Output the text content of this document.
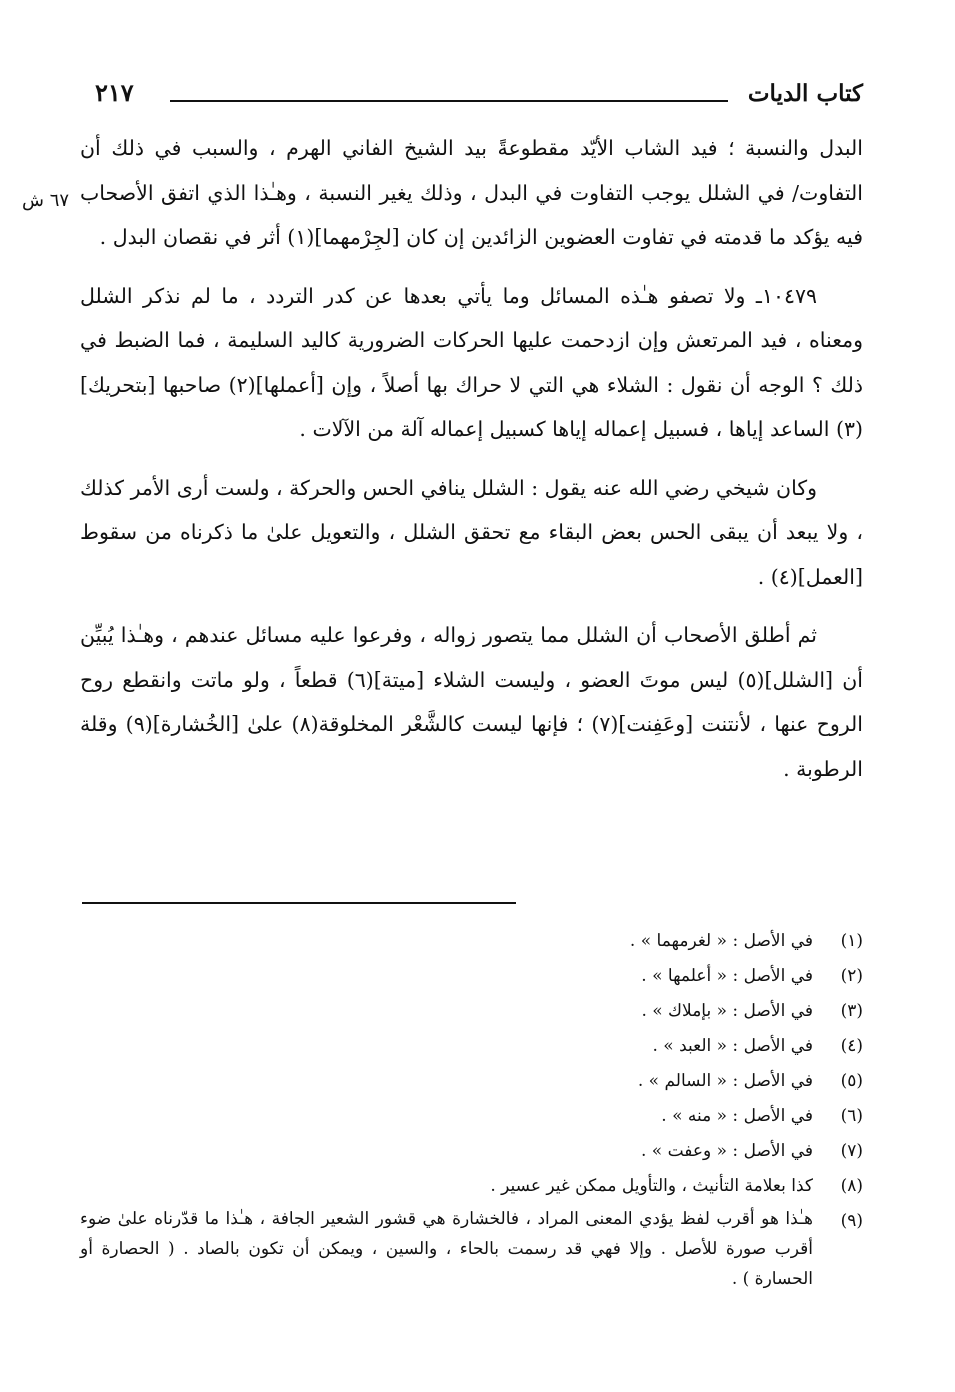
كتاب الديات
٢١٧
٦٧ ش

البدل والنسبة ؛ فيد الشاب الأيّد مقطوعةً بيد الشيخ الفاني الهرم ، والسبب في ذلك أن التفاوت/ في الشلل يوجب التفاوت في البدل ، وذلك يغير النسبة ، وهـٰذا الذي اتفق الأصحاب فيه يؤكد ما قدمته في تفاوت العضوين الزائدين إن كان [لجِرْمهما](١) أثر في نقصان البدل .

١٠٤٧٩ـ ولا تصفو هـٰذه المسائل وما يأتي بعدها عن كدر التردد ، ما لم نذكر الشلل ومعناه ، فيد المرتعش وإن ازدحمت عليها الحركات الضرورية كاليد السليمة ، فما الضبط في ذلك ؟ الوجه أن نقول : الشلاء هي التي لا حراك بها أصلاً ، وإن [أعملها](٢) صاحبها [بتحريك](٣) الساعد إياها ، فسبيل إعماله إياها كسبيل إعماله آلة من الآلات .

وكان شيخي رضي الله عنه يقول : الشلل ينافي الحس والحركة ، ولست أرى الأمر كذلك ، ولا يبعد أن يبقى الحس بعض البقاء مع تحقق الشلل ، والتعويل علىٰ ما ذكرناه من سقوط [العمل](٤) .

ثم أطلق الأصحاب أن الشلل مما يتصور زواله ، وفرعوا عليه مسائل عندهم ، وهـٰذا يُبيِّن أن [الشلل](٥) ليس موتَ العضو ، وليست الشلاء [ميتة](٦) قطعاً ، ولو ماتت وانقطع روح الروح عنها ، لأنتنت [وعَفِنت](٧) ؛ فإنها ليست كالشَّعْر المخلوقة(٨) علىٰ [الخُشارة](٩) وقلة الرطوبة .

(١)
في الأصل : « لغرمهما » .
(٢)
في الأصل : « أعلمها » .
(٣)
في الأصل : « بإملاك » .
(٤)
في الأصل : « العبد » .
(٥)
في الأصل : « السالم » .
(٦)
في الأصل : « منه » .
(٧)
في الأصل : « وعفت » .
(٨)
كذا بعلامة التأنيث ، والتأويل ممكن غير عسير .
(٩)
هـٰذا هو أقرب لفظ يؤدي المعنى المراد ، فالخشارة هي قشور الشعير الجافة ، هـٰذا ما قدّرناه علىٰ ضوء أقرب صورة للأصل . وإلا فهي قد رسمت بالحاء ، والسين ، ويمكن أن تكون بالصاد . ( الحصارة أو الحسارة ) .
